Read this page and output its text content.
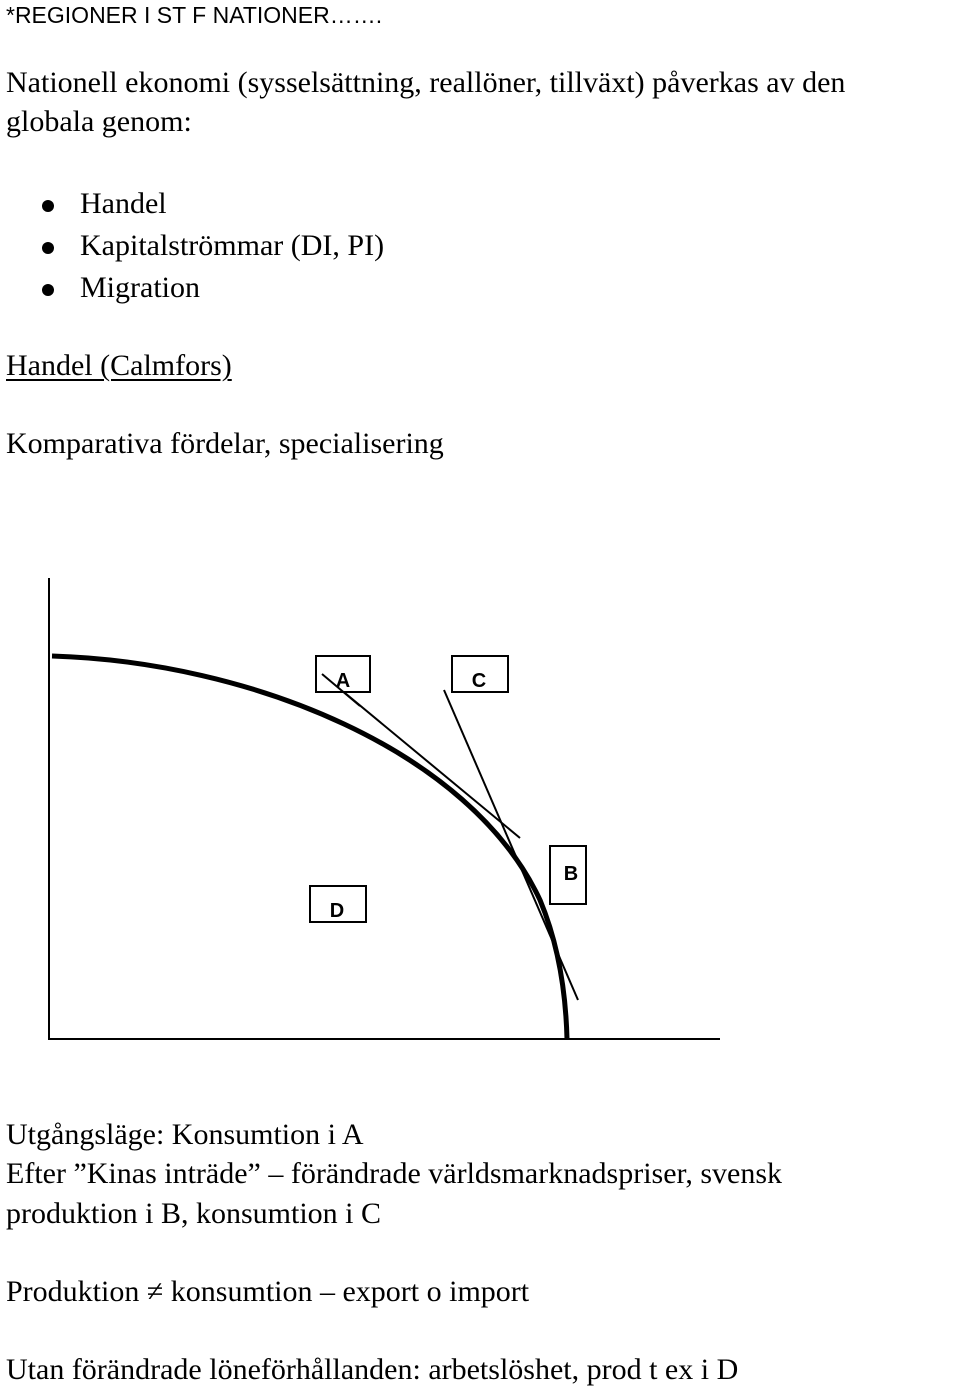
*REGIONER I ST F NATIONER…….
Nationell ekonomi (sysselsättning, reallöner, tillväxt) påverkas av den
globala genom:
Handel
Kapitalströmmar (DI, PI)
Migration
Handel (Calmfors)
Komparativa fördelar, specialisering
A	C
B
D
Utgångsläge: Konsumtion i A
Efter ”Kinas inträde” – förändrade världsmarknadspriser, svensk
produktion i B, konsumtion i C
Produktion ≠ konsumtion – export o import
Utan förändrade löneförhållanden: arbetslöshet, prod t ex i D
